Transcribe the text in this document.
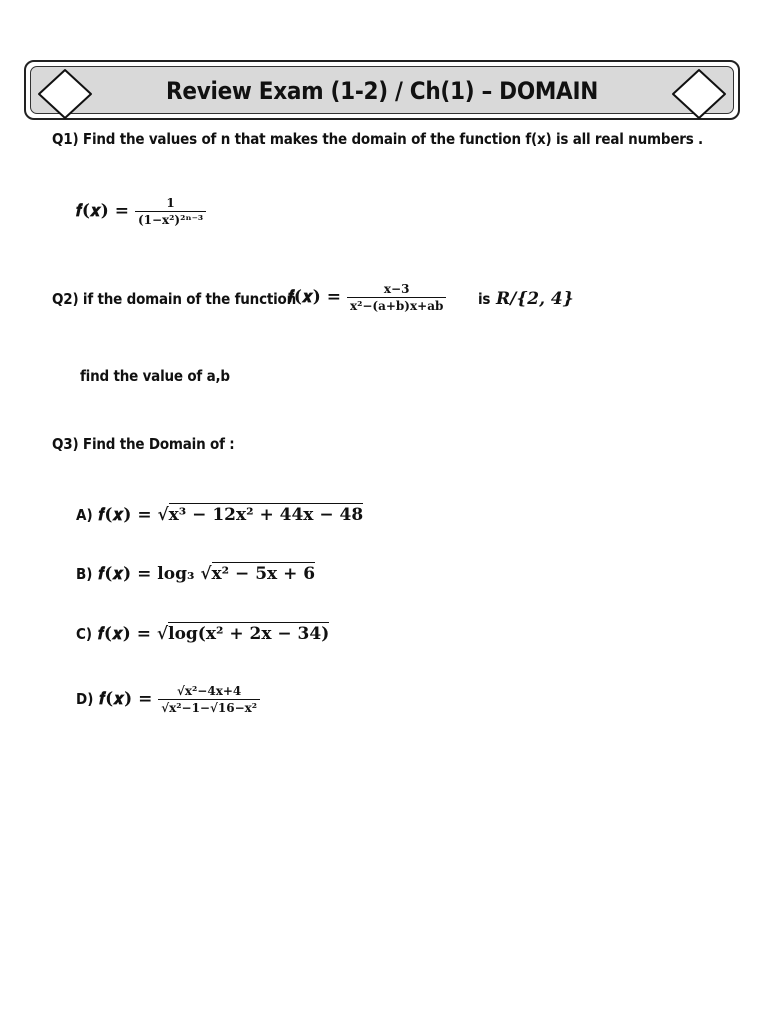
Review Exam (1-2) / Ch(1) – DOMAIN
Q1) Find the values of n that makes the domain of the function f(x) is all real numbers .
𝒇(𝒙) = $\frac{1}{\text{(1−x²)²ⁿ⁻³}}$
Q2) if the domain of the function
𝒇(𝒙) = $\frac{x-3}{\text{x²−(a+b)x+ab}}$ is R/{2, 4}
find the value of a,b
Q3) Find the Domain of :
A) 𝒇(𝒙) = √x³ − 12x² + 44x − 48
B) 𝒇(𝒙) = log₃ √x² − 5x + 6
C) 𝒇(𝒙) = √log(x² + 2x − 34)
D) 𝒇(𝒙) = $\frac{\text{√x²−4x+4}}{\text{√x²−1−√16−x²}}$
